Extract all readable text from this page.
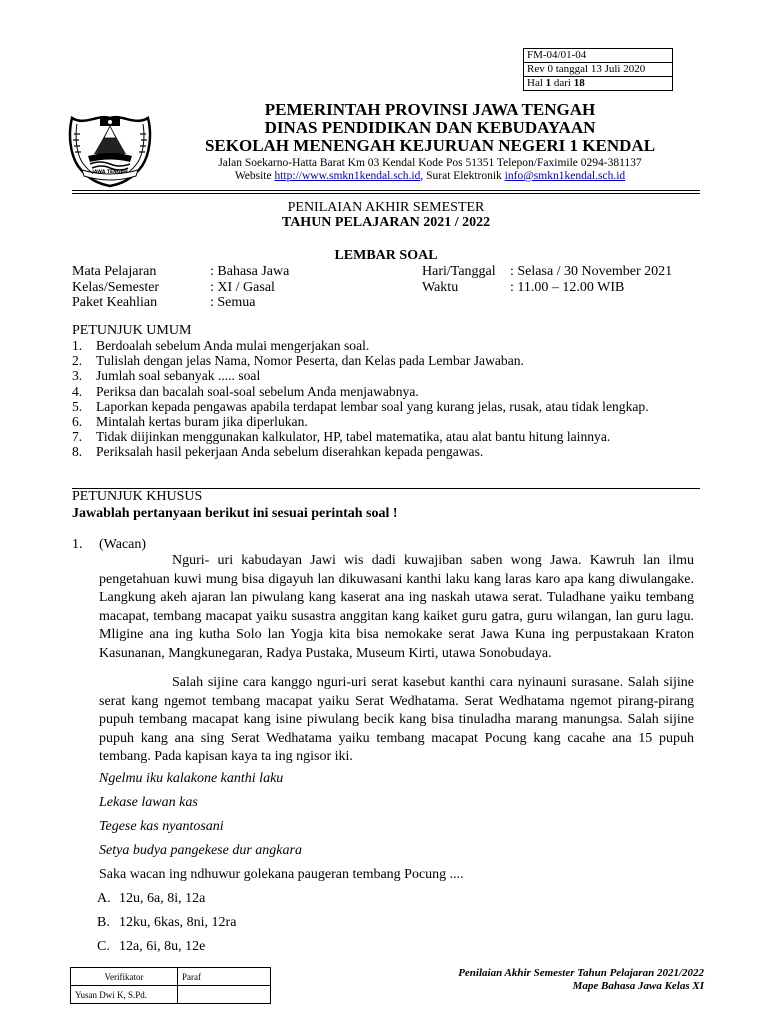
FM-04/01-04
Rev 0 tanggal 13 Juli 2020
Hal 1 dari 18
JAWA TENGAH
PEMERINTAH PROVINSI JAWA TENGAH
DINAS PENDIDIKAN DAN KEBUDAYAAN
SEKOLAH MENENGAH KEJURUAN NEGERI 1 KENDAL
Jalan Soekarno-Hatta Barat Km 03 Kendal Kode Pos 51351 Telepon/Faximile 0294-381137
Website http://www.smkn1kendal.sch.id, Surat Elektronik info@smkn1kendal.sch.id
PENILAIAN AKHIR SEMESTER
TAHUN PELAJARAN 2021 / 2022
LEMBAR SOAL
Mata Pelajaran	: Bahasa Jawa
Kelas/Semester	: XI / Gasal
Paket Keahlian	: Semua
Hari/Tanggal	: Selasa / 30 November 2021
Waktu	: 11.00 – 12.00 WIB
PETUNJUK UMUM
1. Berdoalah sebelum Anda mulai mengerjakan soal.
2. Tulislah dengan jelas Nama, Nomor Peserta, dan Kelas pada Lembar Jawaban.
3. Jumlah soal sebanyak ..... soal
4. Periksa dan bacalah soal-soal sebelum Anda menjawabnya.
5. Laporkan kepada pengawas apabila terdapat lembar soal yang kurang jelas, rusak, atau tidak lengkap.
6. Mintalah kertas buram jika diperlukan.
7. Tidak diijinkan menggunakan kalkulator, HP, tabel matematika, atau alat bantu hitung lainnya.
8. Periksalah hasil pekerjaan Anda sebelum diserahkan kepada pengawas.
PETUNJUK KHUSUS
Jawablah pertanyaan berikut ini sesuai perintah soal !
1. (Wacan)
Nguri- uri kabudayan Jawi wis dadi kuwajiban saben wong Jawa. Kawruh lan ilmu pengetahuan kuwi mung bisa digayuh lan dikuwasani kanthi laku kang laras karo apa kang diwulangake. Langkung akeh ajaran lan piwulang kang kaserat ana ing naskah utawa serat. Tuladhane yaiku tembang macapat, tembang macapat yaiku susastra anggitan kang kaiket guru gatra, guru wilangan, lan guru lagu. Mligine ana ing kutha Solo lan Yogja kita bisa nemokake serat Jawa Kuna ing perpustakaan Kraton Kasunanan, Mangkunegaran, Radya Pustaka, Museum Kirti, utawa Sonobudaya.
Salah sijine cara kanggo nguri-uri serat kasebut kanthi cara nyinauni surasane. Salah sijine serat kang ngemot tembang macapat yaiku Serat Wedhatama. Serat Wedhatama ngemot pirang-pirang pupuh tembang macapat kang isine piwulang becik kang bisa tinuladha marang manungsa. Salah sijine pupuh kang ana sing Serat Wedhatama yaiku tembang macapat Pocung kang cacahe ana 15 pupuh tembang. Pada kapisan kaya ta ing ngisor iki.
Ngelmu iku kalakone kanthi laku
Lekase lawan kas
Tegese kas nyantosani
Setya budya pangekese dur angkara
Saka wacan ing ndhuwur golekana paugeran tembang Pocung ....
A. 12u, 6a, 8i, 12a
B. 12ku, 6kas, 8ni, 12ra
C. 12a, 6i, 8u, 12e
Verifikator	Paraf
Yusan Dwi K, S.Pd.	
Penilaian Akhir Semester Tahun Pelajaran 2021/2022
Mape Bahasa Jawa Kelas XI
